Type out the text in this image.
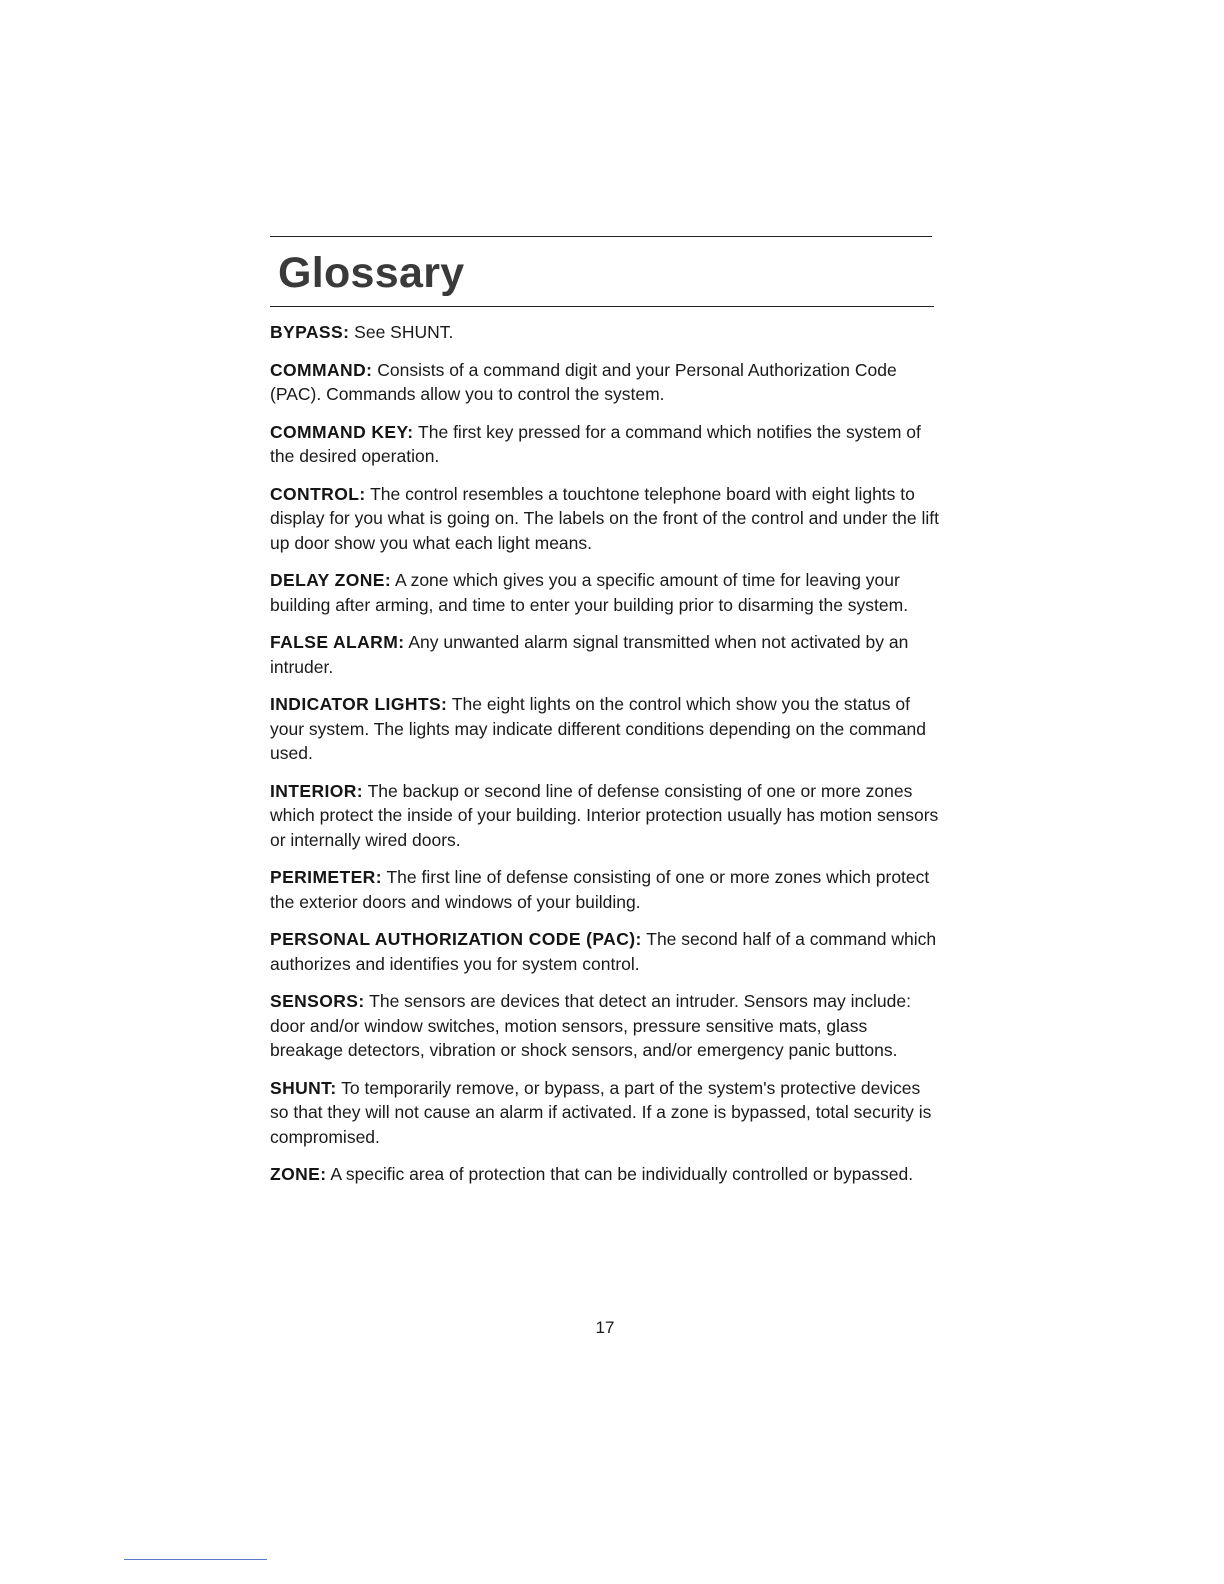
Glossary

BYPASS: See SHUNT.

COMMAND: Consists of a command digit and your Personal Authorization Code (PAC). Commands allow you to control the system.

COMMAND KEY: The first key pressed for a command which notifies the system of the desired operation.

CONTROL: The control resembles a touchtone telephone board with eight lights to display for you what is going on. The labels on the front of the control and under the lift up door show you what each light means.

DELAY ZONE: A zone which gives you a specific amount of time for leaving your building after arming, and time to enter your building prior to disarming the system.

FALSE ALARM: Any unwanted alarm signal transmitted when not activated by an intruder.

INDICATOR LIGHTS: The eight lights on the control which show you the status of your system. The lights may indicate different conditions depending on the command used.

INTERIOR: The backup or second line of defense consisting of one or more zones which protect the inside of your building. Interior protection usually has motion sensors or internally wired doors.

PERIMETER: The first line of defense consisting of one or more zones which protect the exterior doors and windows of your building.

PERSONAL AUTHORIZATION CODE (PAC): The second half of a command which authorizes and identifies you for system control.

SENSORS: The sensors are devices that detect an intruder. Sensors may include: door and/or window switches, motion sensors, pressure sensitive mats, glass breakage detectors, vibration or shock sensors, and/or emergency panic buttons.

SHUNT: To temporarily remove, or bypass, a part of the system's protective devices so that they will not cause an alarm if activated. If a zone is bypassed, total security is compromised.

ZONE: A specific area of protection that can be individually controlled or bypassed.

17
